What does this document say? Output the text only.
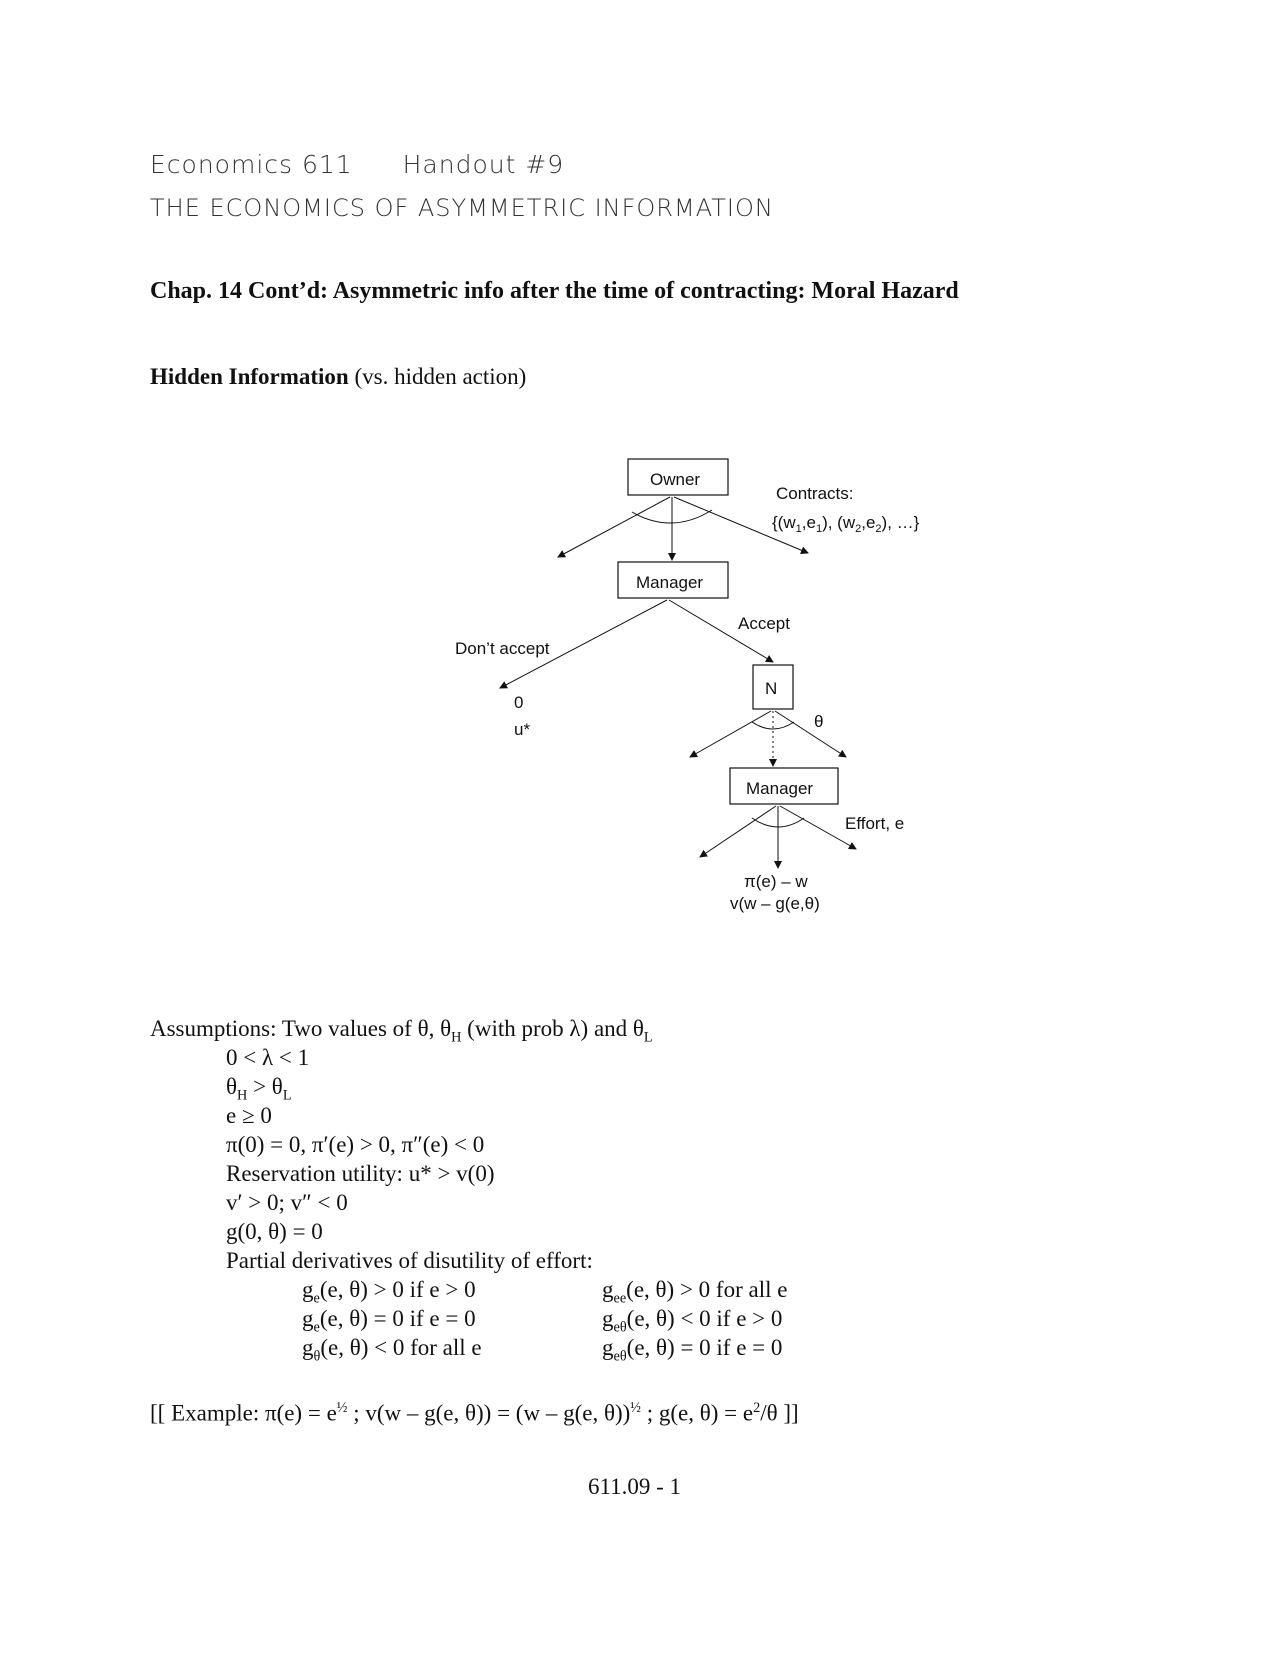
Economics 611 Handout #9
THE ECONOMICS OF ASYMMETRIC INFORMATION
Chap. 14 Cont’d: Asymmetric info after the time of contracting: Moral Hazard
Hidden Information (vs. hidden action)
Owner
Contracts:
{$(w_1,e_1)$, $(w_2,e_2)$, …}
Manager
Don’t accept
Accept
0
u*
N
θ
Manager
Effort, e
π(e) – w
v(w – g(e,θ)
Assumptions: Two values of θ, $\theta_H$ (with prob λ) and $\theta_L$
0 < λ < 1
$\theta_H > \theta_L$
e ≥ 0
π(0) = 0, π′(e) > 0, π″(e) < 0
Reservation utility: u* > v(0)
v′ > 0; v″ < 0
g(0, θ) = 0
Partial derivatives of disutility of effort:
$g_e(e$, θ) > 0 if e > 0
$g_e(e$, θ) = 0 if e = 0
$g_\theta(e$, θ) < 0 for all e
$g_{ee}(e$, θ) > 0 for all e
$g_{e\theta}(e$, θ) < 0 if e > 0
$g_{e\theta}(e$, θ) = 0 if e = 0
[[ Example: $\pi(e) = e^{\frac{1}{2}}$ ; v(w – g(e, θ)) = (w – g(e, θ))$^{\frac{1}{2}}$ ; g(e, $\theta) = e^2/\theta$ ]]
611.09 - 1
